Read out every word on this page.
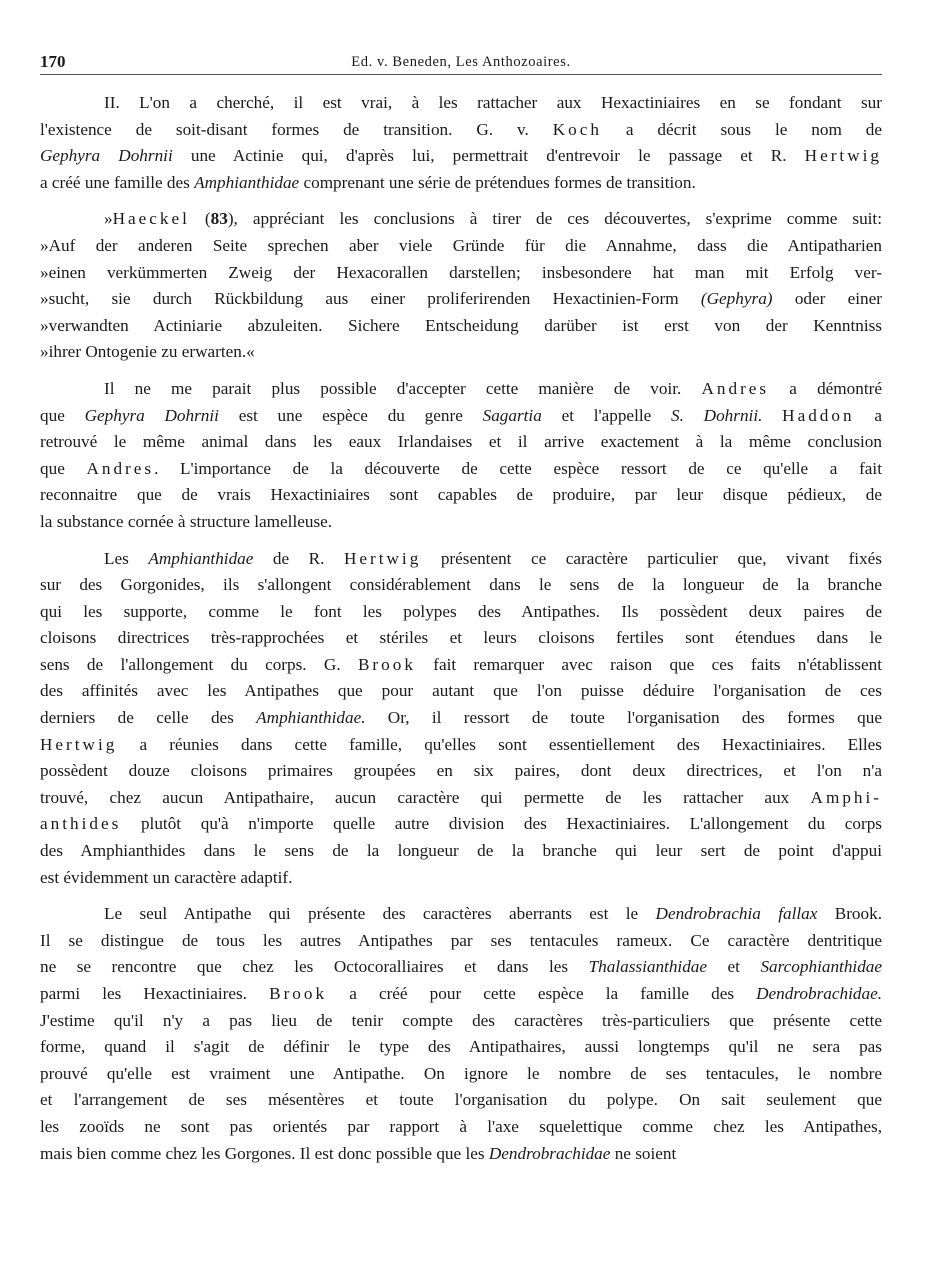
170	Ed. v. Beneden, Les Anthozoaires.
II. L'on a cherché, il est vrai, à les rattacher aux Hexactiniaires en se fondant sur
l'existence de soit-disant formes de transition. G. v. Koch a décrit sous le nom de
Gephyra Dohrnii une Actinie qui, d'après lui, permettrait d'entrevoir le passage et R. Hertwig
a créé une famille des Amphianthidae comprenant une série de prétendues formes de transition.
»Haeckel (83), appréciant les conclusions à tirer de ces découvertes, s'exprime comme suit:
»Auf der anderen Seite sprechen aber viele Gründe für die Annahme, dass die Antipatharien
»einen verkümmerten Zweig der Hexacorallen darstellen; insbesondere hat man mit Erfolg ver-
»sucht, sie durch Rückbildung aus einer proliferirenden Hexactinien-Form (Gephyra) oder einer
»verwandten Actiniarie abzuleiten. Sichere Entscheidung darüber ist erst von der Kenntniss
»ihrer Ontogenie zu erwarten.«
Il ne me parait plus possible d'accepter cette manière de voir. Andres a démontré
que Gephyra Dohrnii est une espèce du genre Sagartia et l'appelle S. Dohrnii. Haddon a
retrouvé le même animal dans les eaux Irlandaises et il arrive exactement à la même conclusion
que Andres. L'importance de la découverte de cette espèce ressort de ce qu'elle a fait
reconnaitre que de vrais Hexactiniaires sont capables de produire, par leur disque pédieux, de
la substance cornée à structure lamelleuse.
Les Amphianthidae de R. Hertwig présentent ce caractère particulier que, vivant fixés
sur des Gorgonides, ils s'allongent considérablement dans le sens de la longueur de la branche
qui les supporte, comme le font les polypes des Antipathes. Ils possèdent deux paires de
cloisons directrices très-rapprochées et stériles et leurs cloisons fertiles sont étendues dans le
sens de l'allongement du corps. G. Brook fait remarquer avec raison que ces faits n'établissent
des affinités avec les Antipathes que pour autant que l'on puisse déduire l'organisation de ces
derniers de celle des Amphianthidae. Or, il ressort de toute l'organisation des formes que
Hertwig a réunies dans cette famille, qu'elles sont essentiellement des Hexactiniaires. Elles
possèdent douze cloisons primaires groupées en six paires, dont deux directrices, et l'on n'a
trouvé, chez aucun Antipathaire, aucun caractère qui permette de les rattacher aux Amphi-
anthides plutôt qu'à n'importe quelle autre division des Hexactiniaires. L'allongement du corps
des Amphianthides dans le sens de la longueur de la branche qui leur sert de point d'appui
est évidemment un caractère adaptif.
Le seul Antipathe qui présente des caractères aberrants est le Dendrobrachia fallax Brook.
Il se distingue de tous les autres Antipathes par ses tentacules rameux. Ce caractère dentritique
ne se rencontre que chez les Octocoralliaires et dans les Thalassianthidae et Sarcophianthidae
parmi les Hexactiniaires. Brook a créé pour cette espèce la famille des Dendrobrachidae.
J'estime qu'il n'y a pas lieu de tenir compte des caractères très-particuliers que présente cette
forme, quand il s'agit de définir le type des Antipathaires, aussi longtemps qu'il ne sera pas
prouvé qu'elle est vraiment une Antipathe. On ignore le nombre de ses tentacules, le nombre
et l'arrangement de ses mésentères et toute l'organisation du polype. On sait seulement que
les zooïds ne sont pas orientés par rapport à l'axe squelettique comme chez les Antipathes,
mais bien comme chez les Gorgones. Il est donc possible que les Dendrobrachidae ne soient
